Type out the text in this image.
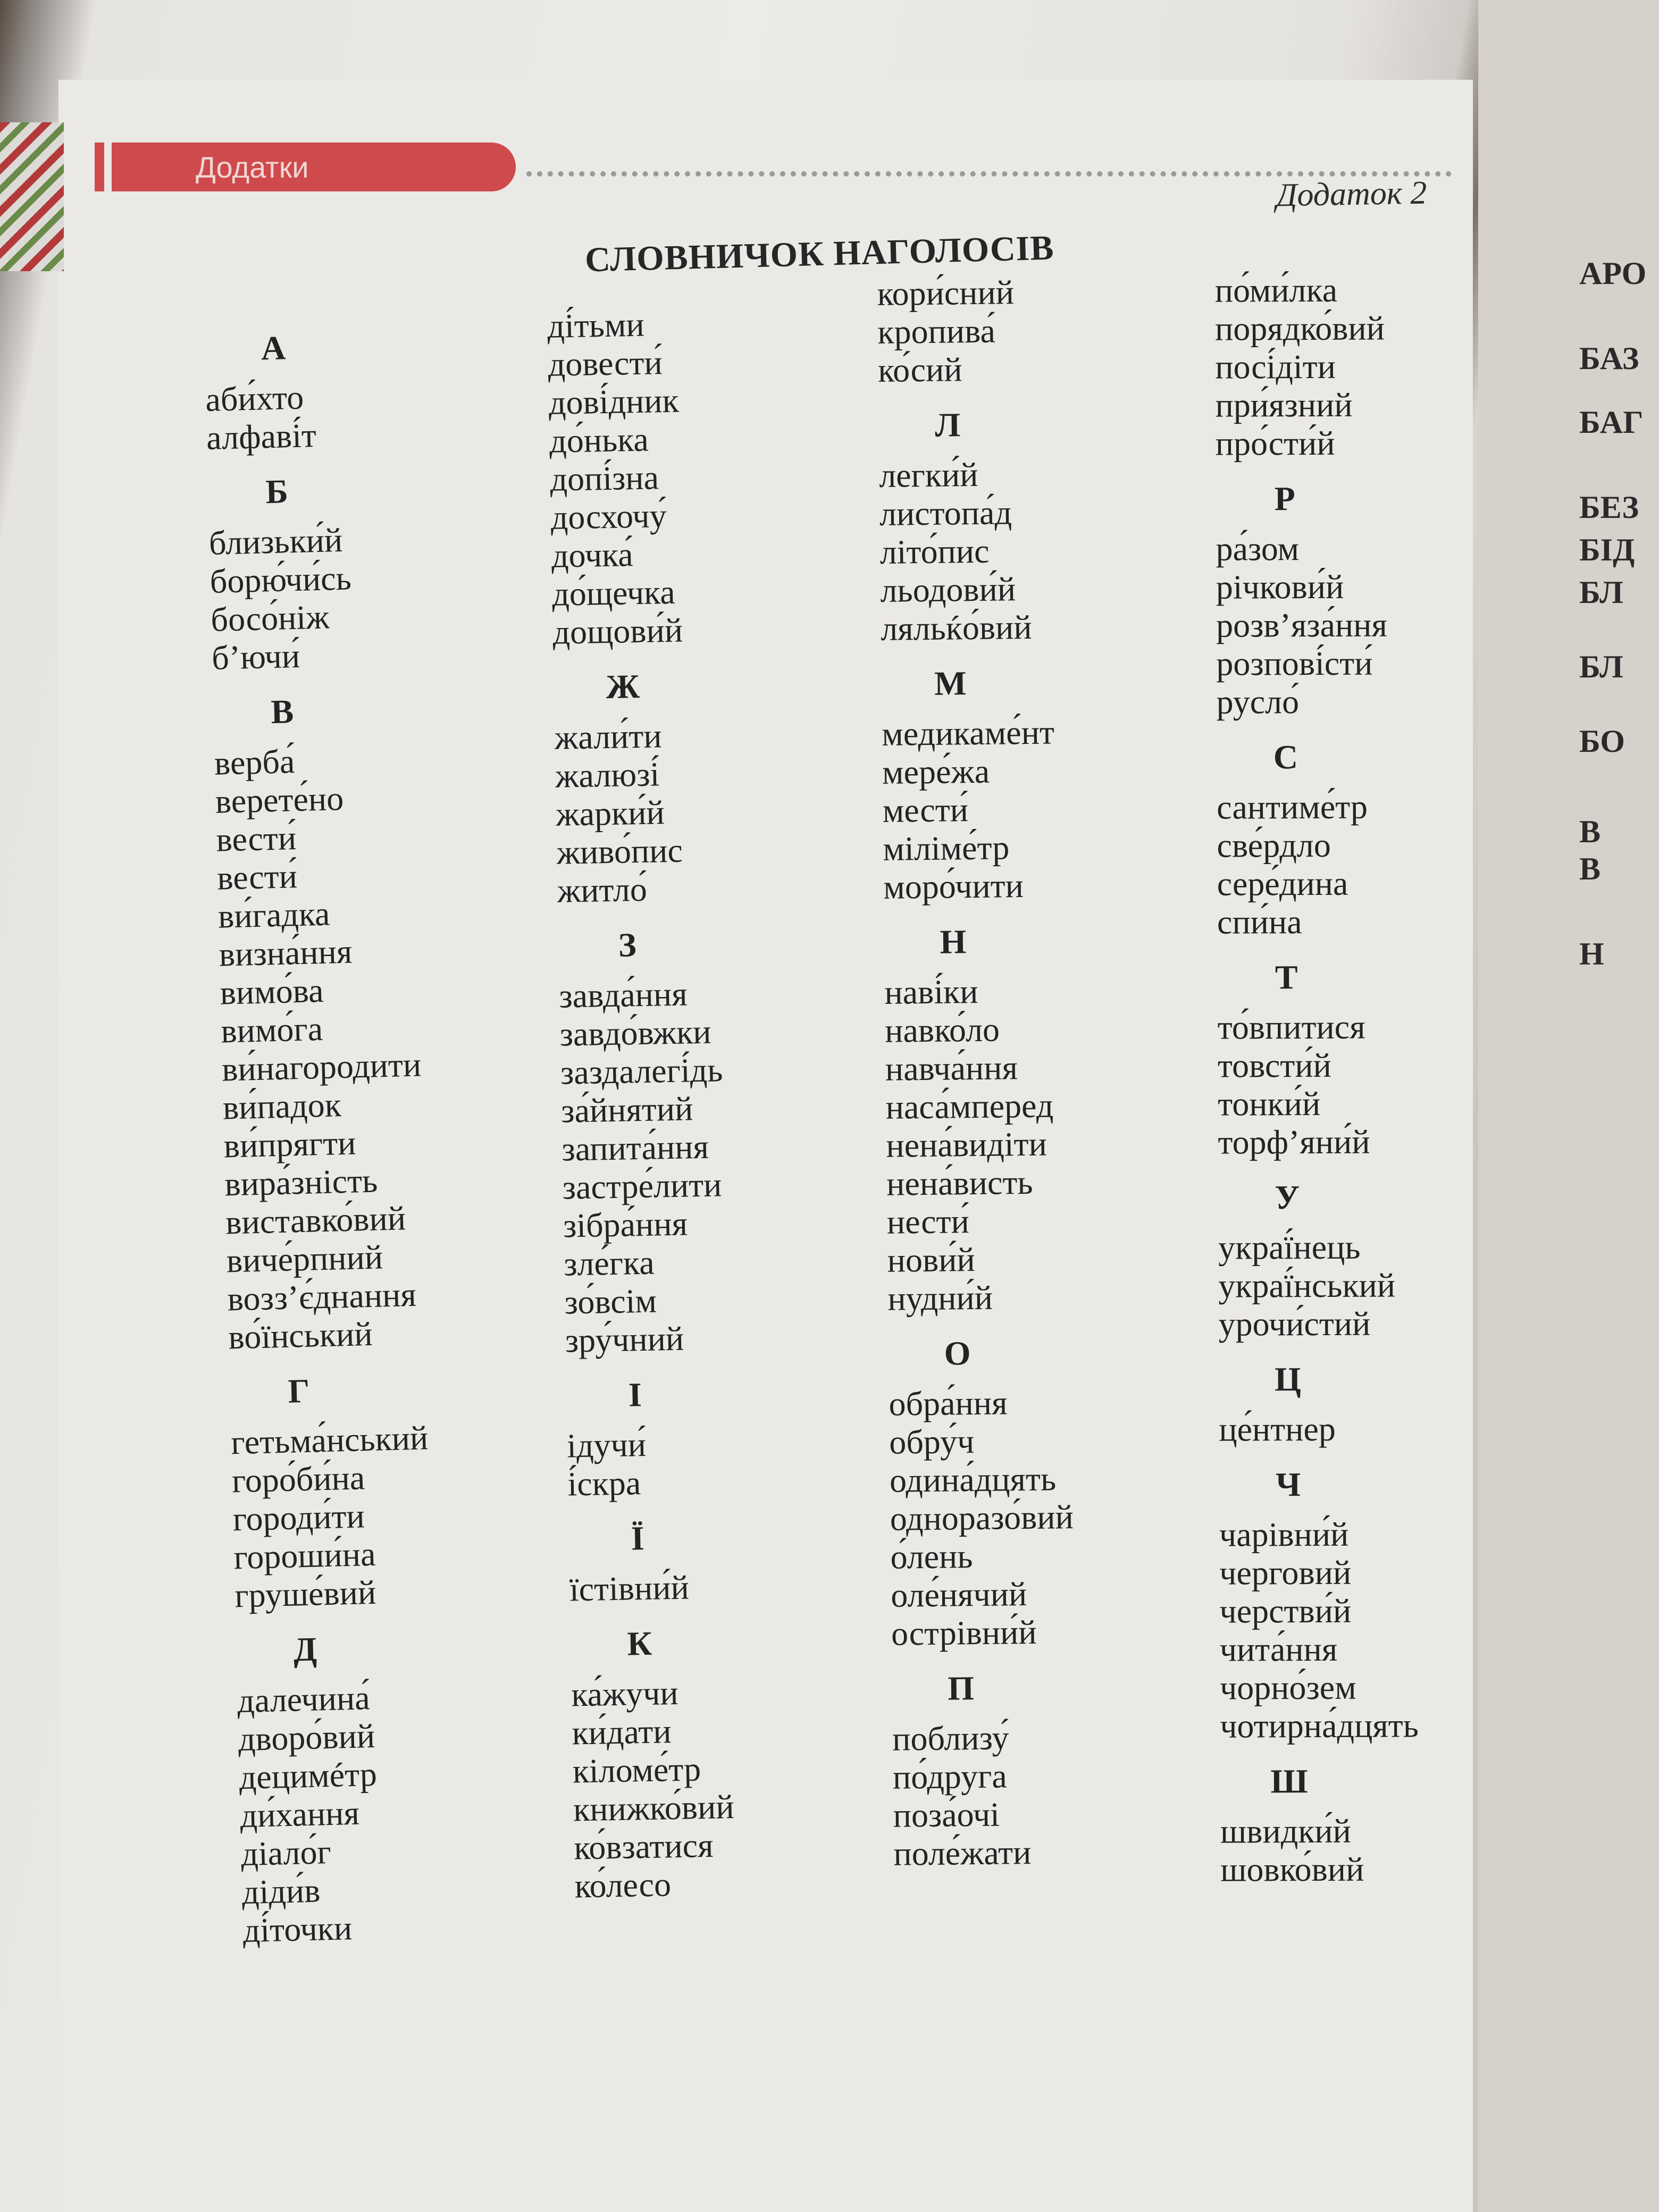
Додатки
Додаток 2
СЛОВНИЧОК НАГОЛОСІВ
А
аби́хто
алфаві́т
Б
близьки́й
борю́чи́сь
босо́ніж
б’ючи́
В
верба́
верете́но
вести́
вести́
ви́гадка
визна́ння
вимо́ва
вимо́га
ви́нагородити
ви́падок
ви́прягти
вира́зність
виставко́вий
виче́рпний
возз’є́днання
во́їнський
Г
гетьма́нський
горо́би́на
городи́ти
гороши́на
груше́вий
Д
далечина́
дворо́вий
децимéтр
ди́хання
діало́г
діди́в
ді́точки
ді́тьми
довести́
дові́дник
до́нька
допі́зна
досхочу́
дочка́
до́щечка
дощови́й
Ж
жали́ти
жалюзі́
жарки́й
живо́пис
житло́
З
завда́ння
завдо́вжки
заздалегі́дь
за́йнятий
запита́ння
застре́лити
зібра́ння
зле́гка
зо́всім
зру́чний
І
ідучи́
і́скра
Ї
їстівни́й
К
ка́жучи
ки́дати
кіломе́тр
книжко́вий
ко́взатися
ко́лесо
кори́сний
кропива́
ко́сий
Л
легки́й
листопа́д
літо́пис
льодови́й
ляльќо́вий
М
медикаме́нт
мере́жа
мести́
міліме́тр
моро́чити
Н
наві́ки
навко́ло
навча́ння
наса́мперед
нена́видіти
нена́висть
нести́
нови́й
нудни́й
О
обра́ння
обру́ч
одина́дцять
одноразо́вий
о́лень
оле́нячий
острівни́й
П
поблизу́
по́друга
поза́очі
поле́жати
по́ми́лка
порядко́вий
посі́діти
при́язний
про́сти́й
Р
ра́зом
річкови́й
розв’яза́ння
розпові́сти́
русло́
С
сантиме́тр
све́рдло
сере́дина
спи́на
Т
то́впитися
товсти́й
тонки́й
торф’яни́й
У
украї́нець
украї́нський
урочи́стий
Ц
це́нтнер
Ч
чарівни́й
черговий
черстви́й
чита́ння
чорно́зем
чотирна́дцять
Ш
швидки́й
шовко́вий
АРО
БАЗ
БАГ
БЕЗ
БІД
БЛ
БЛ
БО
В
В
Н
